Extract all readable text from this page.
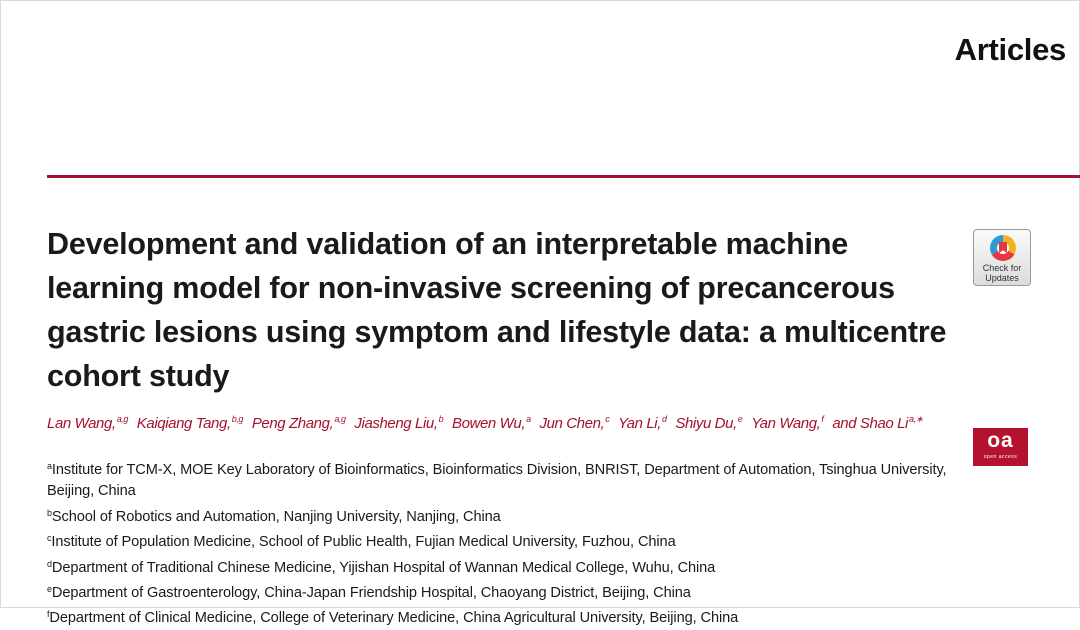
Articles
Development and validation of an interpretable machine learning model for non-invasive screening of precancerous gastric lesions using symptom and lifestyle data: a multicentre cohort study
Check for
Updates
Lan Wang,$^{a,g}$ Kaiqiang Tang,$^{b,g}$ Peng Zhang,$^{a,g}$ Jiasheng Liu,$^b$ Bowen Wu,$^a$ Jun Chen,$^c$ Yan Li,$^d$ Shiyu Du,$^e$ Yan Wang,$^f$ and Shao $Li^{a,∗}$
oa
open access
$^a$Institute for TCM-X, MOE Key Laboratory of Bioinformatics, Bioinformatics Division, BNRIST, Department of Automation, Tsinghua University, Beijing, China
$^b$School of Robotics and Automation, Nanjing University, Nanjing, China
$^c$Institute of Population Medicine, School of Public Health, Fujian Medical University, Fuzhou, China
$^d$Department of Traditional Chinese Medicine, Yijishan Hospital of Wannan Medical College, Wuhu, China
$^e$Department of Gastroenterology, China-Japan Friendship Hospital, Chaoyang District, Beijing, China
$^f$Department of Clinical Medicine, College of Veterinary Medicine, China Agricultural University, Beijing, China
